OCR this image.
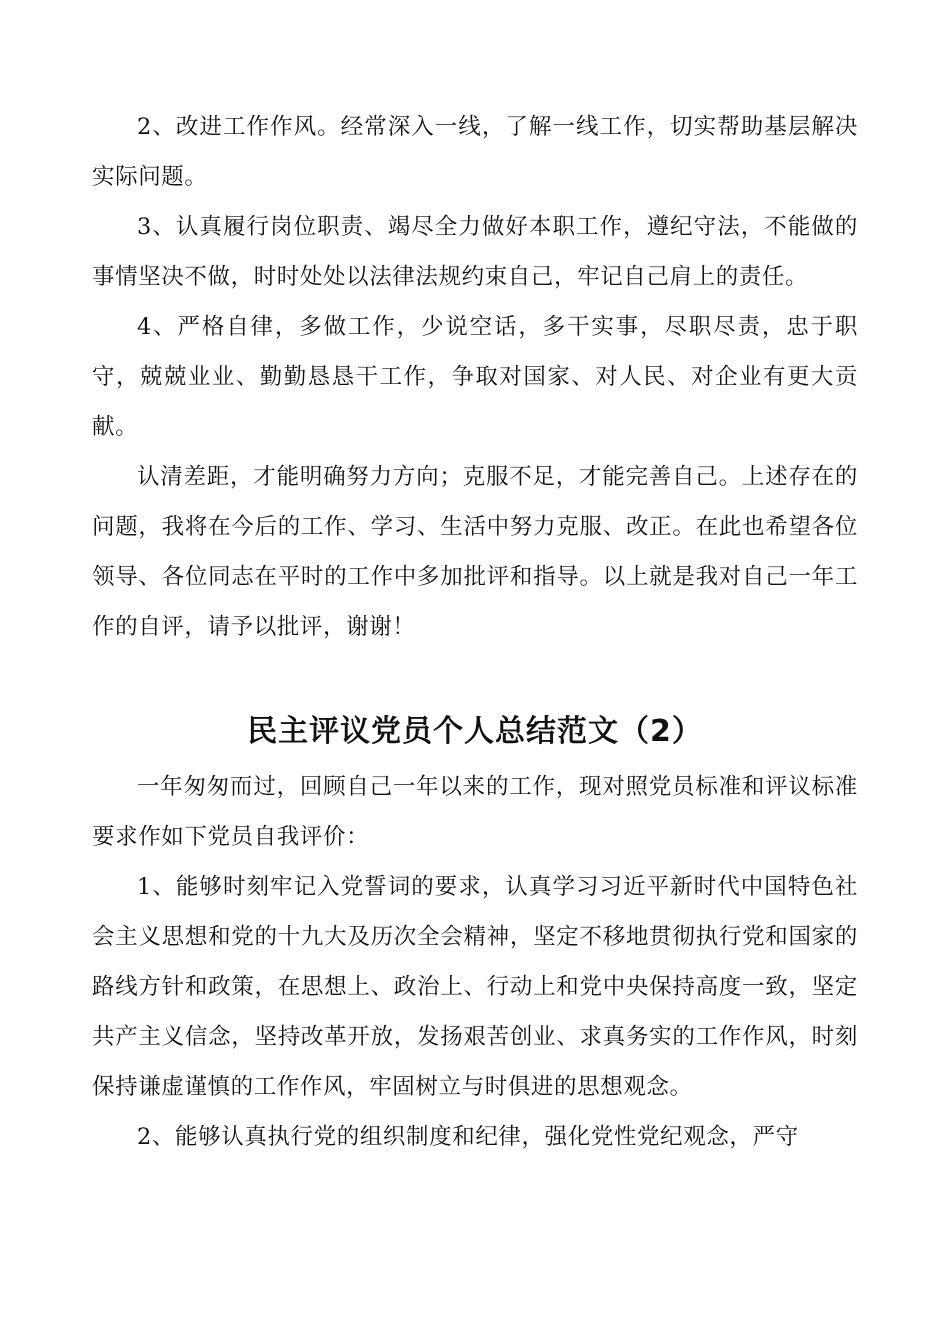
2、改进工作作风。经常深入一线，了解一线工作，切实帮助基层解决实际问题。

3、认真履行岗位职责、竭尽全力做好本职工作，遵纪守法，不能做的事情坚决不做，时时处处以法律法规约束自己，牢记自己肩上的责任。

4、严格自律，多做工作，少说空话，多干实事，尽职尽责，忠于职守，兢兢业业、勤勤恳恳干工作，争取对国家、对人民、对企业有更大贡献。

认清差距，才能明确努力方向；克服不足，才能完善自己。上述存在的问题，我将在今后的工作、学习、生活中努力克服、改正。在此也希望各位领导、各位同志在平时的工作中多加批评和指导。以上就是我对自己一年工作的自评，请予以批评，谢谢！

民主评议党员个人总结范文（2）

一年匆匆而过，回顾自己一年以来的工作，现对照党员标准和评议标准要求作如下党员自我评价：

1、能够时刻牢记入党誓词的要求，认真学习习近平新时代中国特色社会主义思想和党的十九大及历次全会精神，坚定不移地贯彻执行党和国家的路线方针和政策，在思想上、政治上、行动上和党中央保持高度一致，坚定共产主义信念，坚持改革开放，发扬艰苦创业、求真务实的工作作风，时刻保持谦虚谨慎的工作作风，牢固树立与时俱进的思想观念。

2、能够认真执行党的组织制度和纪律，强化党性党纪观念，严守
